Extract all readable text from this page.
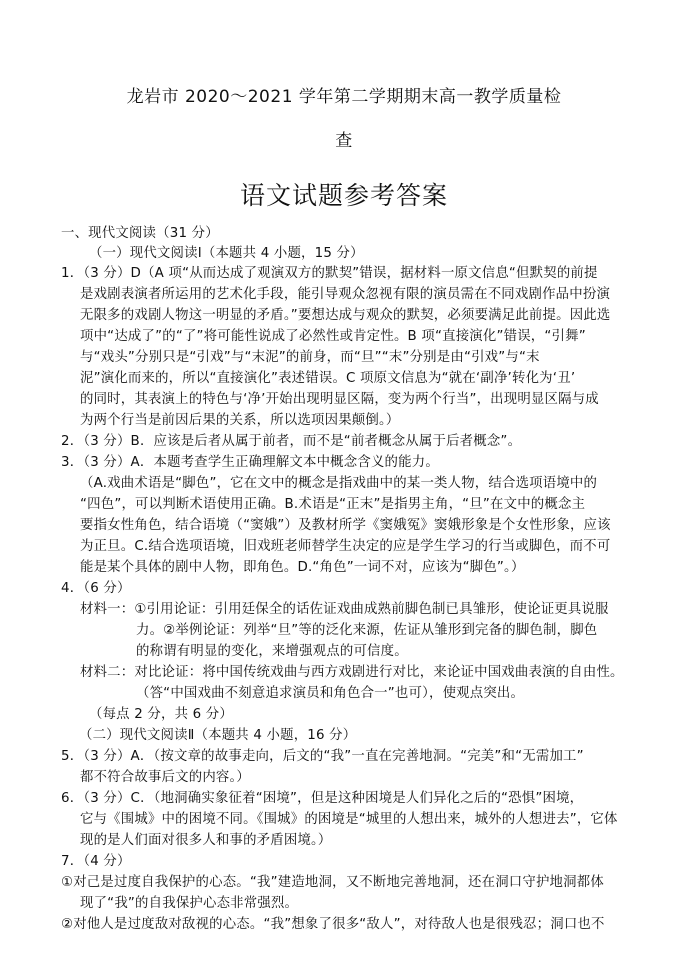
龙岩市 2020～2021 学年第二学期期末高一教学质量检
查
语文试题参考答案
一、现代文阅读（31 分）
（一）现代文阅读Ⅰ（本题共 4 小题，15 分）
1．（3 分）D（A 项“从而达成了观演双方的默契”错误，据材料一原文信息“但默契的前提
是戏剧表演者所运用的艺术化手段，能引导观众忽视有限的演员需在不同戏剧作品中扮演
无限多的戏剧人物这一明显的矛盾。”要想达成与观众的默契，必须要满足此前提。因此选
项中“达成了”的“了”将可能性说成了必然性或肯定性。B 项“直接演化”错误，“引舞”
与“戏头”分别只是“引戏”与“末泥”的前身，而“旦”“末”分别是由“引戏”与“末
泥”演化而来的，所以“直接演化”表述错误。C 项原文信息为“就在‘副净’转化为‘丑’
的同时，其表演上的特色与‘净’开始出现明显区隔，变为两个行当”，出现明显区隔与成
为两个行当是前因后果的关系，所以选项因果颠倒。）
2．（3 分）B．应该是后者从属于前者，而不是“前者概念从属于后者概念”。
3．（3 分）A．本题考查学生正确理解文本中概念含义的能力。
（A.戏曲术语是“脚色”，它在文中的概念是指戏曲中的某一类人物，结合选项语境中的
“四色”，可以判断术语使用正确。B.术语是“正末”是指男主角，“旦”在文中的概念主
要指女性角色，结合语境（“窦娥”）及教材所学《窦娥冤》窦娥形象是个女性形象，应该
为正旦。C.结合选项语境，旧戏班老师替学生决定的应是学生学习的行当或脚色，而不可
能是某个具体的剧中人物，即角色。D.“角色”一词不对，应该为“脚色”。）
4．（6 分）
材料一：①引用论证：引用廷保全的话佐证戏曲成熟前脚色制已具雏形，使论证更具说服
力。②举例论证：列举“旦”等的泛化来源，佐证从雏形到完备的脚色制，脚色
的称谓有明显的变化，来增强观点的可信度。
材料二：对比论证：将中国传统戏曲与西方戏剧进行对比，来论证中国戏曲表演的自由性。
（答“中国戏曲不刻意追求演员和角色合一”也可），使观点突出。
（每点 2 分，共 6 分）
（二）现代文阅读Ⅱ（本题共 4 小题，16 分）
5．（3 分）A．（按文章的故事走向，后文的“我”一直在完善地洞。“完美”和“无需加工”
都不符合故事后文的内容。）
6．（3 分）C．（地洞确实象征着“困境”，但是这种困境是人们异化之后的“恐惧”困境，
它与《围城》中的困境不同。《围城》的困境是“城里的人想出来，城外的人想进去”，它体
现的是人们面对很多人和事的矛盾困境。）
7．（4 分）
①对己是过度自我保护的心态。“我”建造地洞，又不断地完善地洞，还在洞口守护地洞都体
现了“我”的自我保护心态非常强烈。
②对他人是过度敌对敌视的心态。“我”想象了很多“敌人”，对待敌人也是很残忍；洞口也不
